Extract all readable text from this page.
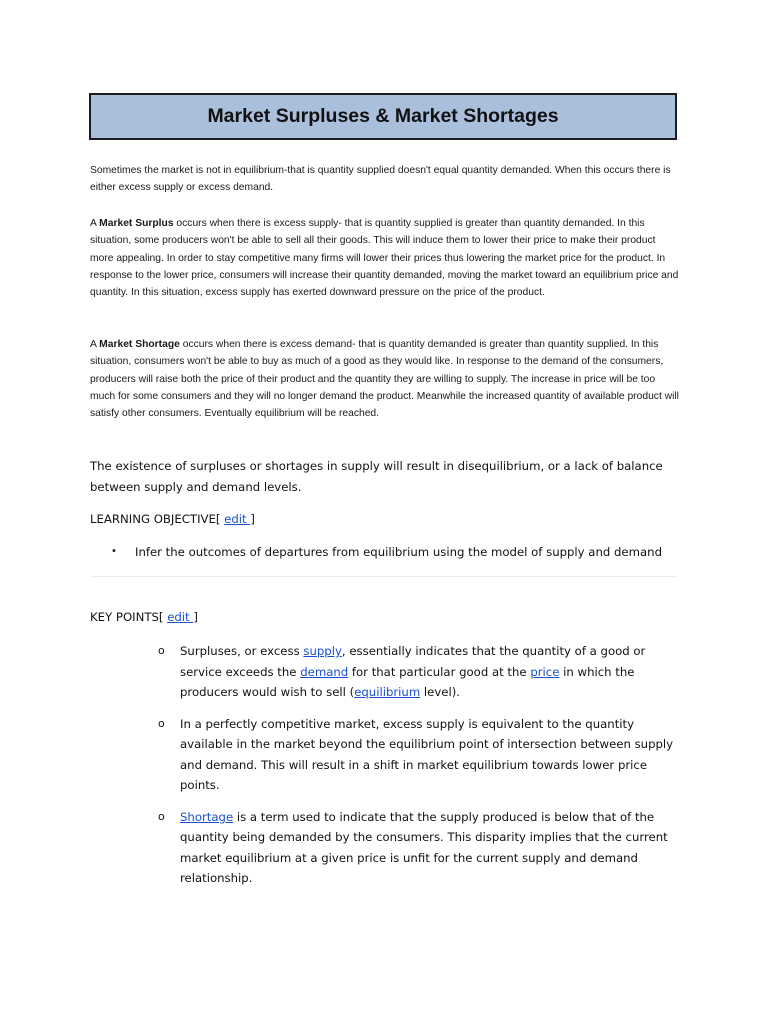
Market Surpluses & Market Shortages
Sometimes the market is not in equilibrium-that is quantity supplied doesn't equal quantity demanded. When this occurs there is either excess supply or excess demand.
A Market Surplus occurs when there is excess supply- that is quantity supplied is greater than quantity demanded. In this situation, some producers won't be able to sell all their goods. This will induce them to lower their price to make their product more appealing. In order to stay competitive many firms will lower their prices thus lowering the market price for the product. In response to the lower price, consumers will increase their quantity demanded, moving the market toward an equilibrium price and quantity. In this situation, excess supply has exerted downward pressure on the price of the product.
A Market Shortage occurs when there is excess demand- that is quantity demanded is greater than quantity supplied. In this situation, consumers won't be able to buy as much of a good as they would like. In response to the demand of the consumers, producers will raise both the price of their product and the quantity they are willing to supply. The increase in price will be too much for some consumers and they will no longer demand the product. Meanwhile the increased quantity of available product will satisfy other consumers. Eventually equilibrium will be reached.
The existence of surpluses or shortages in supply will result in disequilibrium, or a lack of balance between supply and demand levels.
LEARNING OBJECTIVE[ edit ]
• Infer the outcomes of departures from equilibrium using the model of supply and demand
KEY POINTS[ edit ]
o Surpluses, or excess supply, essentially indicates that the quantity of a good or service exceeds the demand for that particular good at the price in which the producers would wish to sell (equilibrium level).
o In a perfectly competitive market, excess supply is equivalent to the quantity available in the market beyond the equilibrium point of intersection between supply and demand. This will result in a shift in market equilibrium towards lower price points.
o Shortage is a term used to indicate that the supply produced is below that of the quantity being demanded by the consumers. This disparity implies that the current market equilibrium at a given price is unfit for the current supply and demand relationship.
